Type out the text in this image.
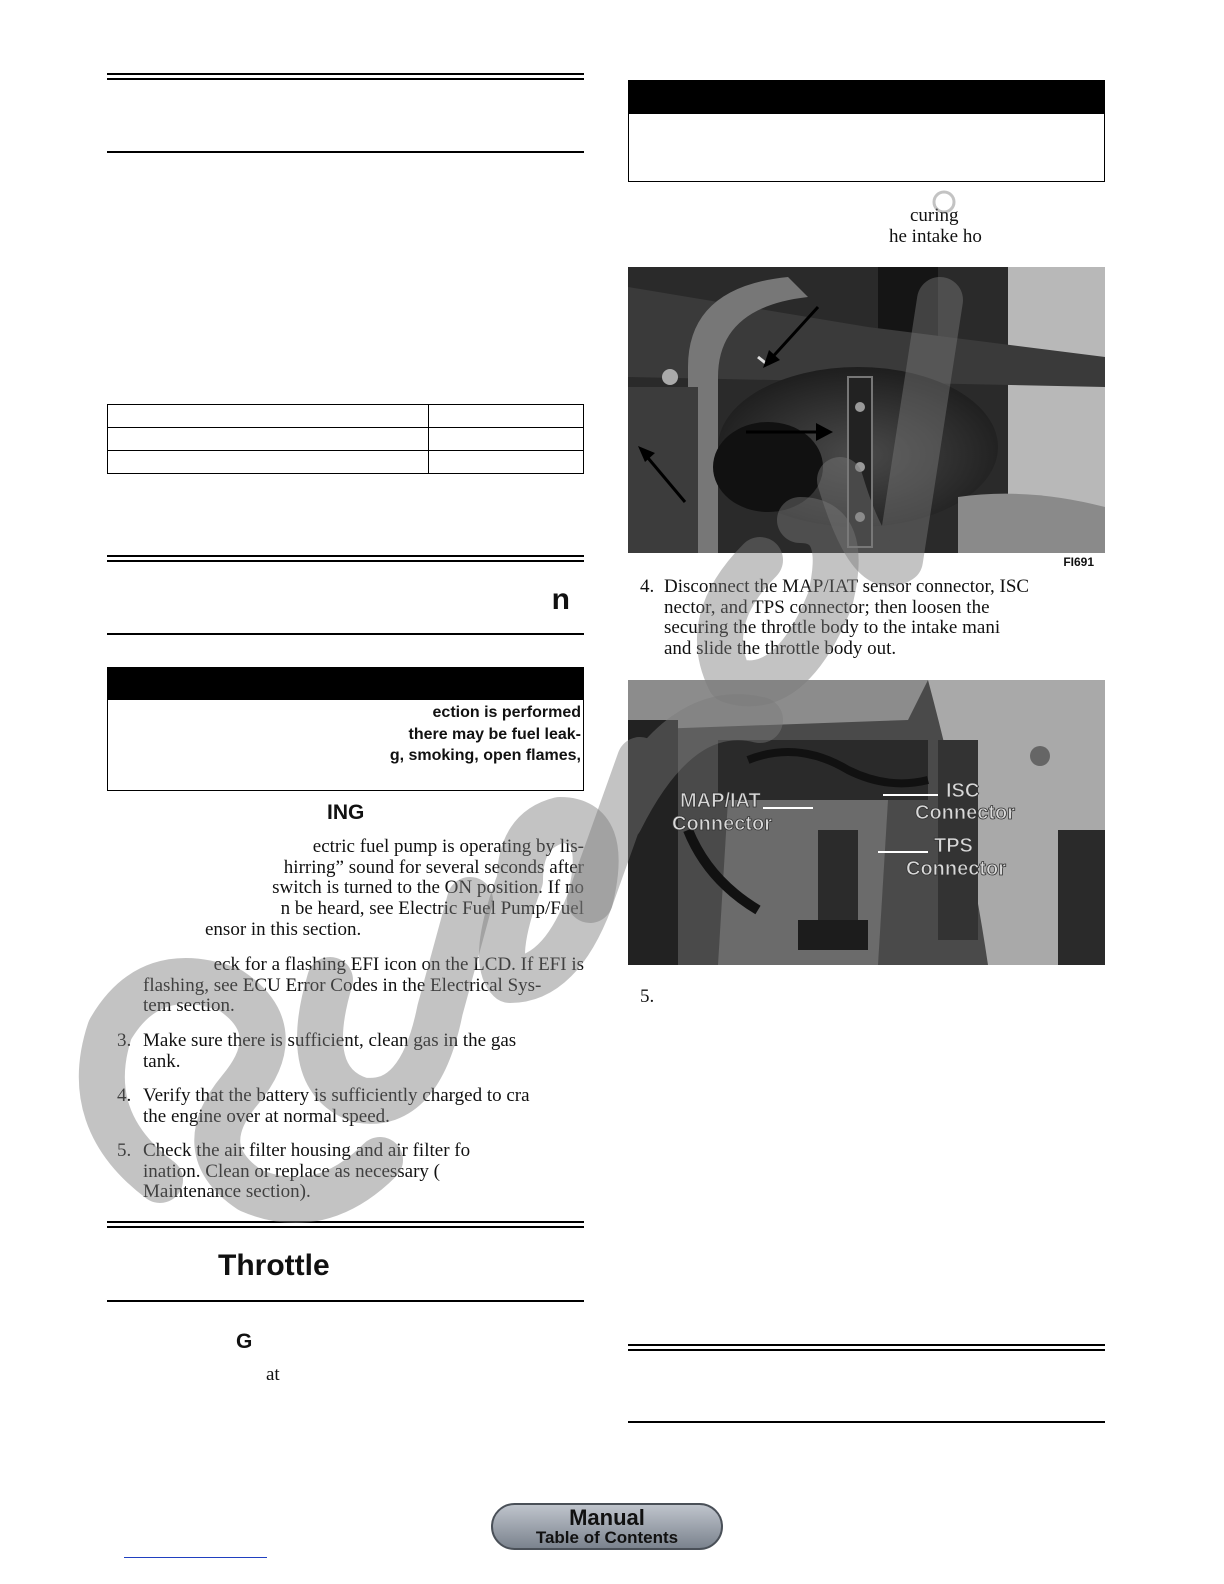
n
ection is performed
there may be fuel leak-
g, smoking, open flames,
ING
ectric fuel pump is operating by lis-
hirring” sound for several seconds after
switch is turned to the ON position. If no
n be heard, see Electric Fuel Pump/Fuel
ensor in this section.
eck for a flashing EFI icon on the LCD. If EFI is
flashing, see ECU Error Codes in the Electrical Sys-
tem section.
3. Make sure there is sufficient, clean gas in the gas
tank.
4. Verify that the battery is sufficiently charged to cra
the engine over at normal speed.
5. Check the air filter housing and air filter fo
ination. Clean or replace as necessary (
Maintenance section).
Throttle
G
at
curing
he intake ho
FI691
4. Disconnect the MAP/IAT sensor connector, ISC
nector, and TPS connector; then loosen the
securing the throttle body to the intake mani
and slide the throttle body out.
MAP/IAT
Connector
ISC
Connector
TPS
Connector
5.
Manual
Table of Contents
